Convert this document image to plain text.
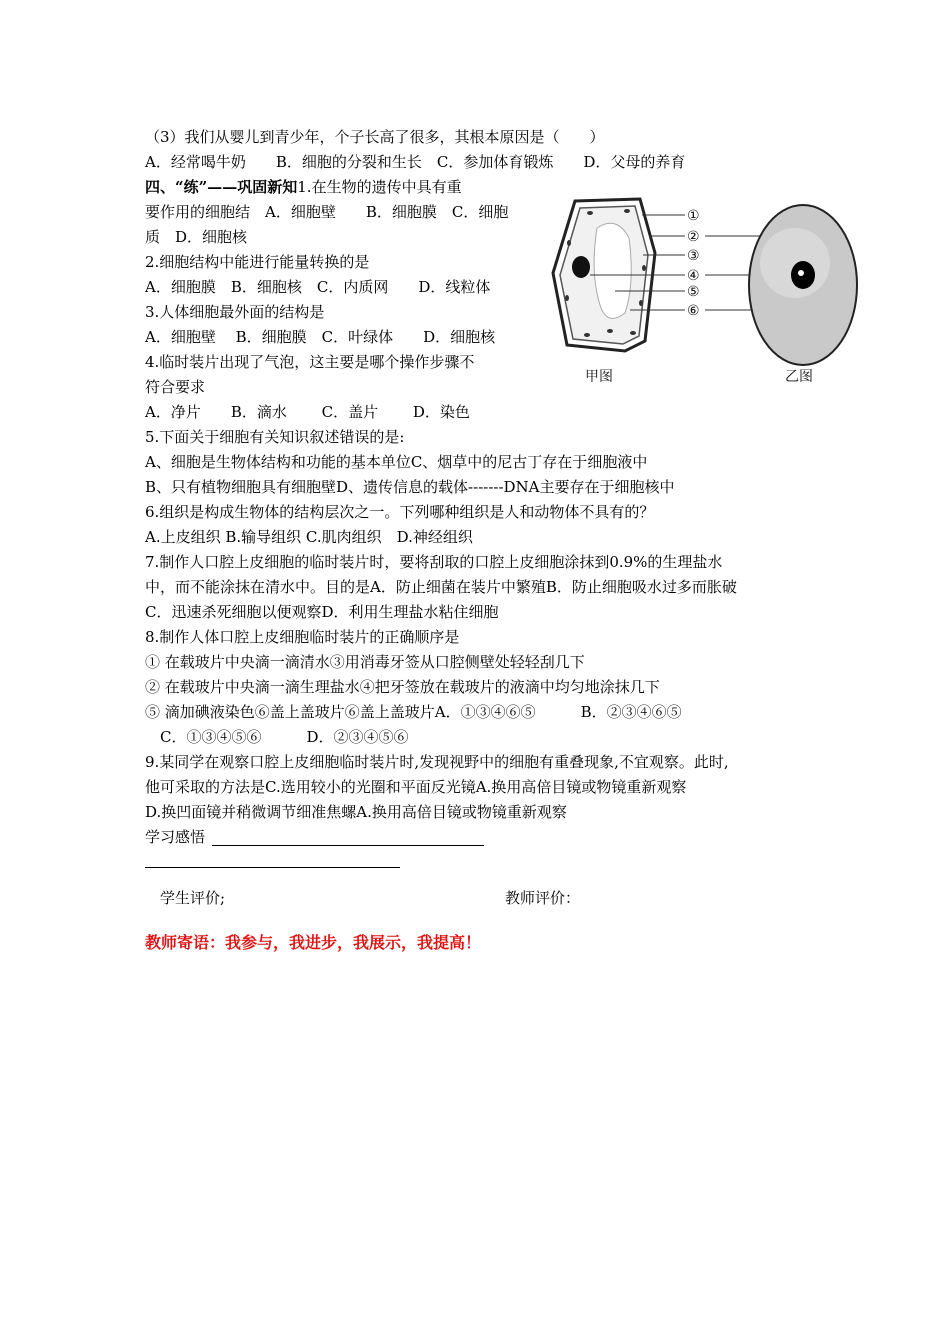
（3）我们从婴儿到青少年，个子长高了很多，其根本原因是（　　）
A．经常喝牛奶　　B．细胞的分裂和生长　C．参加体育锻炼　　D．父母的养育
四、“练”——巩固新知1.在生物的遗传中具有重
要作用的细胞结　A．细胞壁　　B．细胞膜　C．细胞
质　D．细胞核
2.细胞结构中能进行能量转换的是
A．细胞膜　B．细胞核　C．内质网　　D．线粒体
3.人体细胞最外面的结构是
A．细胞壁　 B．细胞膜　C．叶绿体　　D．细胞核
4.临时装片出现了气泡，这主要是哪个操作步骤不
符合要求
A．净片　　B．滴水　　 C．盖片　　 D．染色
5.下面关于细胞有关知识叙述错误的是:
A、细胞是生物体结构和功能的基本单位C、烟草中的尼古丁存在于细胞液中
B、只有植物细胞具有细胞壁D、遗传信息的载体-------DNA主要存在于细胞核中
6.组织是构成生物体的结构层次之一。下列哪种组织是人和动物体不具有的？
A.上皮组织 B.输导组织 C.肌肉组织　D.神经组织
7.制作人口腔上皮细胞的临时装片时，要将刮取的口腔上皮细胞涂抹到0.9%的生理盐水
中，而不能涂抹在清水中。目的是A．防止细菌在装片中繁殖B．防止细胞吸水过多而胀破
C．迅速杀死细胞以便观察D．利用生理盐水粘住细胞
8.制作人体口腔上皮细胞临时装片的正确顺序是
① 在载玻片中央滴一滴清水③用消毒牙签从口腔侧壁处轻轻刮几下
② 在载玻片中央滴一滴生理盐水④把牙签放在载玻片的液滴中均匀地涂抹几下
⑤ 滴加碘液染色⑥盖上盖玻片⑥盖上盖玻片A．①③④⑥⑤　　　B．②③④⑥⑤
　C．①③④⑤⑥　　　D．②③④⑤⑥
9.某同学在观察口腔上皮细胞临时装片时,发现视野中的细胞有重叠现象,不宜观察。此时,
他可采取的方法是C.选用较小的光圈和平面反光镜A.换用高倍目镜或物镜重新观察
D.换凹面镜并稍微调节细准焦螺A.换用高倍目镜或物镜重新观察
学习感悟
学生评价;	教师评价：
教师寄语：我参与，我进步，我展示，我提高！
①
②
③
④
⑤
⑥
甲图	乙图
